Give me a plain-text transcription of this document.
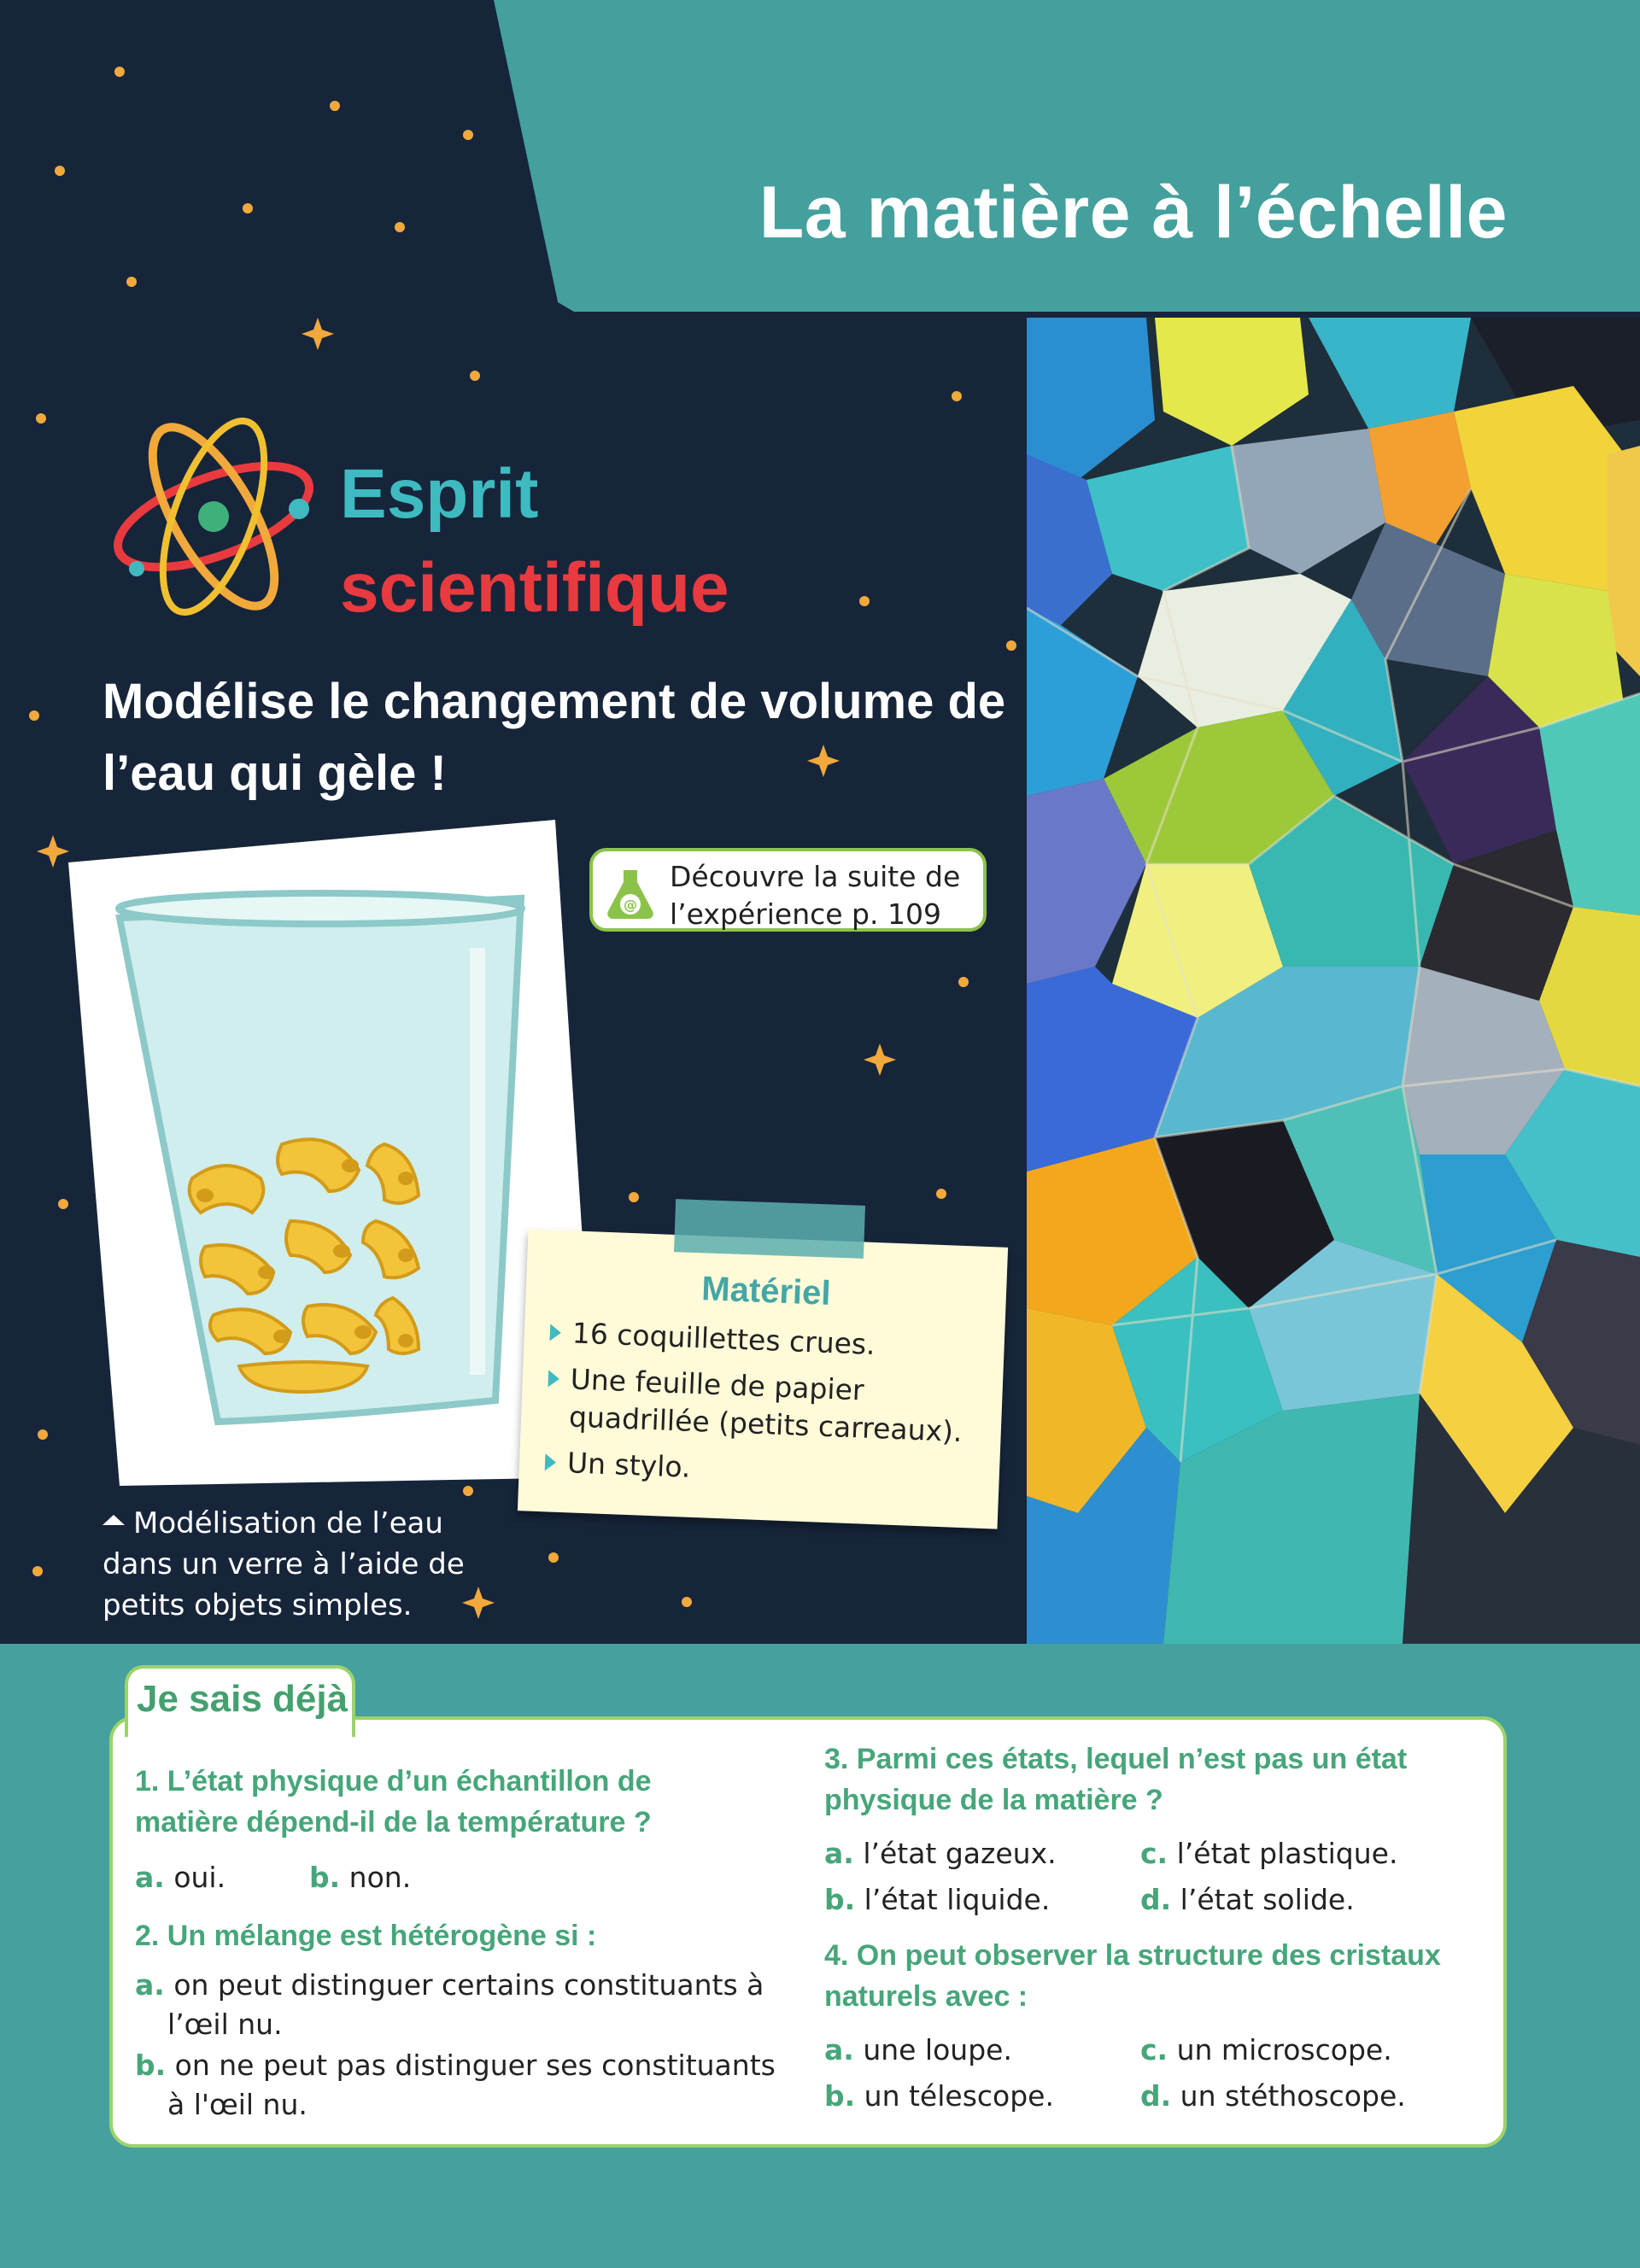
La matière à l’échelle
Esprit
scientifique
Modélise le changement de volume de l’eau qui gèle !
@
Découvre la suite de
l’expérience p. 109
Matériel
16 coquillettes crues.
Une feuille de papier quadrillée (petits carreaux).
Un stylo.
Modélisation de l’eau dans un verre à l’aide de petits objets simples.
Je sais déjà
1. L’état physique d’un échantillon de matière dépend-il de la température ?
a. oui.	b. non.
2. Un mélange est hétérogène si :
a. on peut distinguer certains constituants à l’œil nu.
b. on ne peut pas distinguer ses constituants à l'œil nu.
3. Parmi ces états, lequel n’est pas un état physique de la matière ?
a. l’état gazeux.	c. l’état plastique.
b. l’état liquide.	d. l’état solide.
4. On peut observer la structure des cristaux naturels avec :
a. une loupe.	c. un microscope.
b. un télescope.	d. un stéthoscope.
